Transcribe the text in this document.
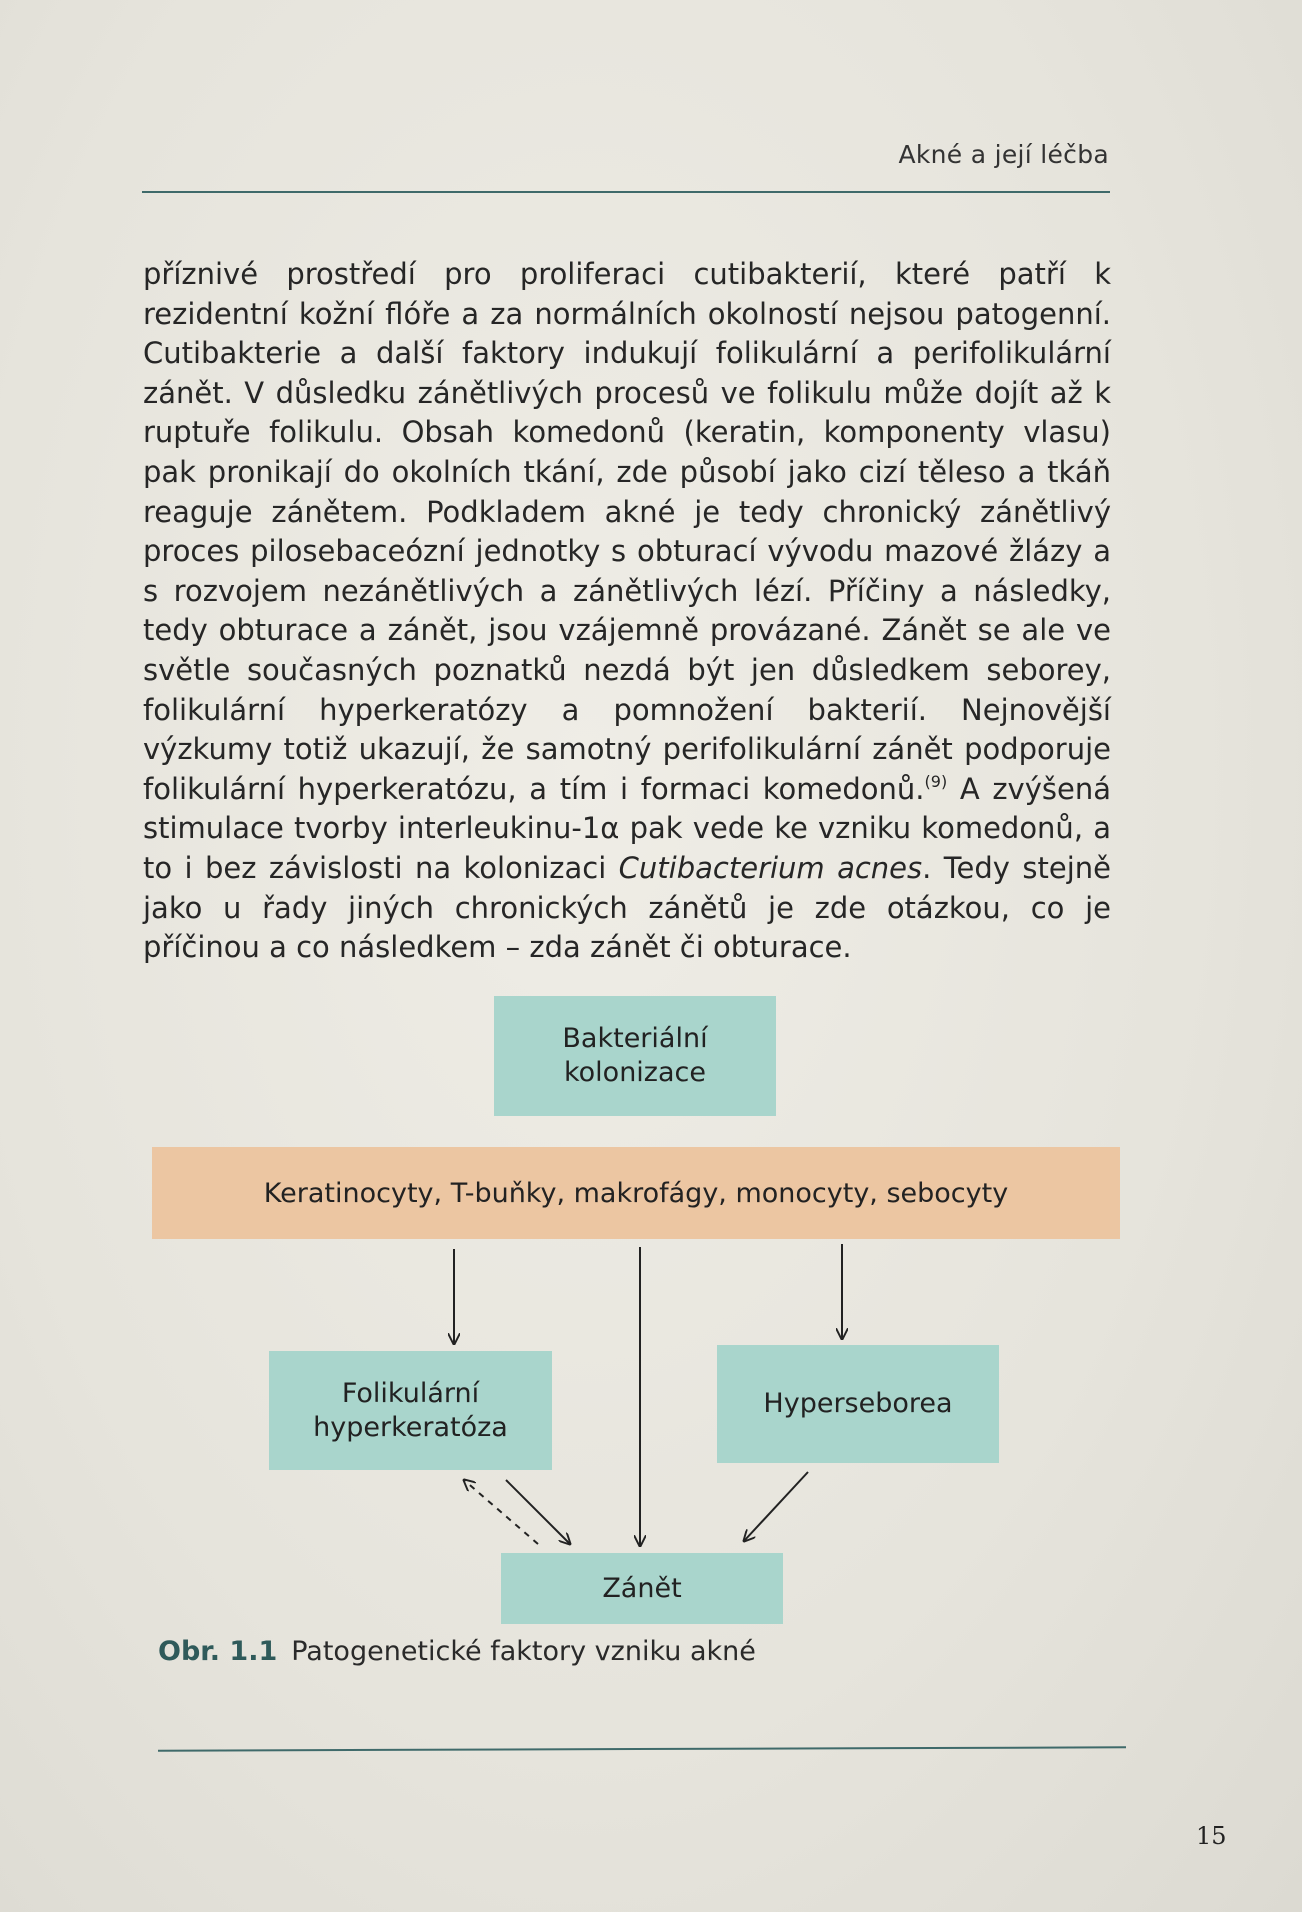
Akné a její léčba

příznivé prostředí pro proliferaci cutibakterií, které patří k rezidentní kožní flóře a za normálních okolností nejsou patogenní. Cutibakterie a další faktory indukují folikulární a perifolikulární zánět. V důsledku zánětlivých procesů ve folikulu může dojít až k ruptuře folikulu. Obsah komedonů (keratin, komponenty vlasu) pak pronikají do okolních tkání, zde působí jako cizí těleso a tkáň reaguje zánětem. Podkladem akné je tedy chronický zánětlivý proces pilosebaceózní jednotky s obturací vývodu mazové žlázy a s rozvojem nezánětlivých a zánětlivých lézí. Příčiny a následky, tedy obturace a zánět, jsou vzájemně provázané. Zánět se ale ve světle současných poznatků nezdá být jen důsledkem seborey, folikulární hyperkeratózy a pomnožení bakterií. Nejnovější výzkumy totiž ukazují, že samotný perifolikulární zánět podporuje folikulární hyperkeratózu, a tím i formaci komedonů.$^{(9)}$ A zvýšená stimulace tvorby interleukinu-1α pak vede ke vzniku komedonů, a to i bez závislosti na kolonizaci Cutibacterium acnes. Tedy stejně jako u řady jiných chronických zánětů je zde otázkou, co je příčinou a co následkem – zda zánět či obturace.

Bakteriální
kolonizace
Keratinocyty, T-buňky, makrofágy, monocyty, sebocyty
Folikulární
hyperkeratóza
Hypersеborea
Zánět
Obr. 1.1 Patogenetické faktory vzniku akné
15
